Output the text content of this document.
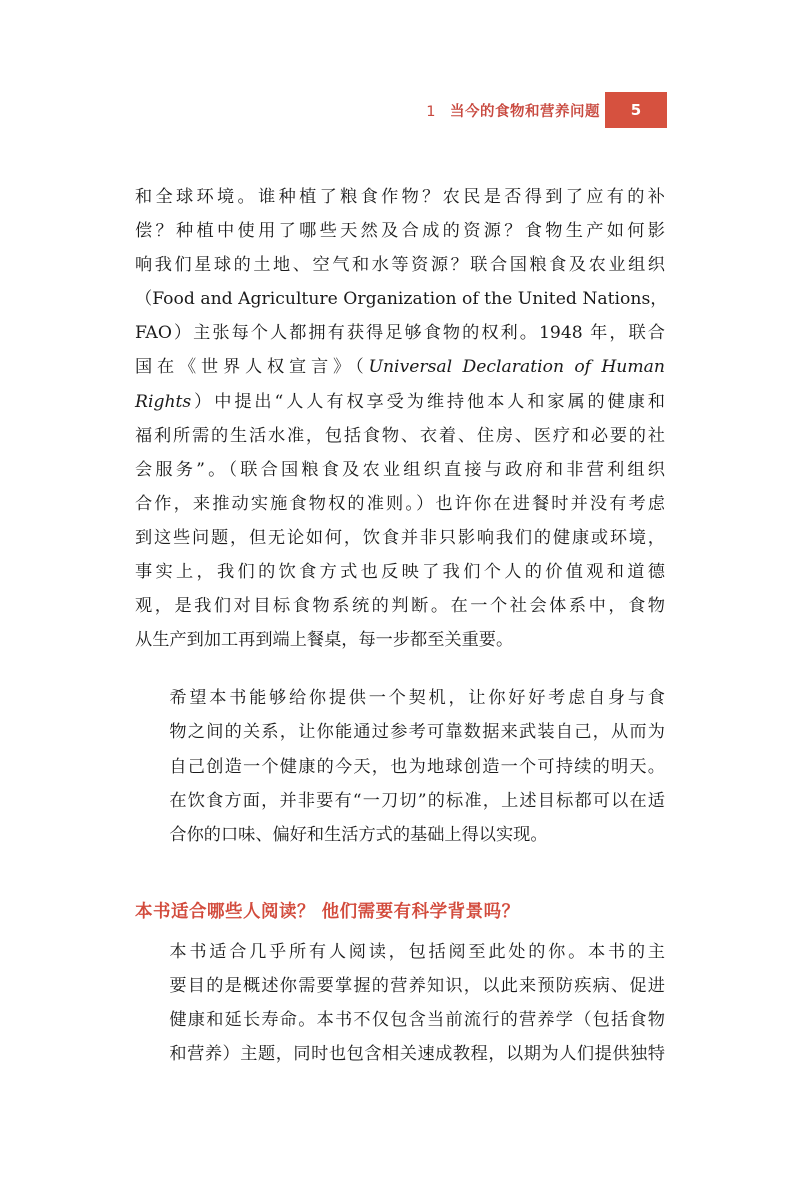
1 当今的食物和营养问题	5

和全球环境。谁种植了粮食作物？农民是否得到了应有的补
偿？种植中使用了哪些天然及合成的资源？食物生产如何影
响我们星球的土地、空气和水等资源？联合国粮食及农业组织
（Food and Agriculture Organization of the United Nations，
FAO）主张每个人都拥有获得足够食物的权利。1948 年，联合
国在《世界人权宣言》（Universal Declaration of Human
Rights）中提出“人人有权享受为维持他本人和家属的健康和
福利所需的生活水准，包括食物、衣着、住房、医疗和必要的社
会服务”。（联合国粮食及农业组织直接与政府和非营利组织
合作，来推动实施食物权的准则。）也许你在进餐时并没有考虑
到这些问题，但无论如何，饮食并非只影响我们的健康或环境，
事实上，我们的饮食方式也反映了我们个人的价值观和道德
观，是我们对目标食物系统的判断。在一个社会体系中，食物
从生产到加工再到端上餐桌，每一步都至关重要。

希望本书能够给你提供一个契机，让你好好考虑自身与食
物之间的关系，让你能通过参考可靠数据来武装自己，从而为
自己创造一个健康的今天，也为地球创造一个可持续的明天。
在饮食方面，并非要有“一刀切”的标准，上述目标都可以在适
合你的口味、偏好和生活方式的基础上得以实现。

本书适合哪些人阅读？ 他们需要有科学背景吗？

本书适合几乎所有人阅读，包括阅至此处的你。本书的主
要目的是概述你需要掌握的营养知识，以此来预防疾病、促进
健康和延长寿命。本书不仅包含当前流行的营养学（包括食物
和营养）主题，同时也包含相关速成教程，以期为人们提供独特
